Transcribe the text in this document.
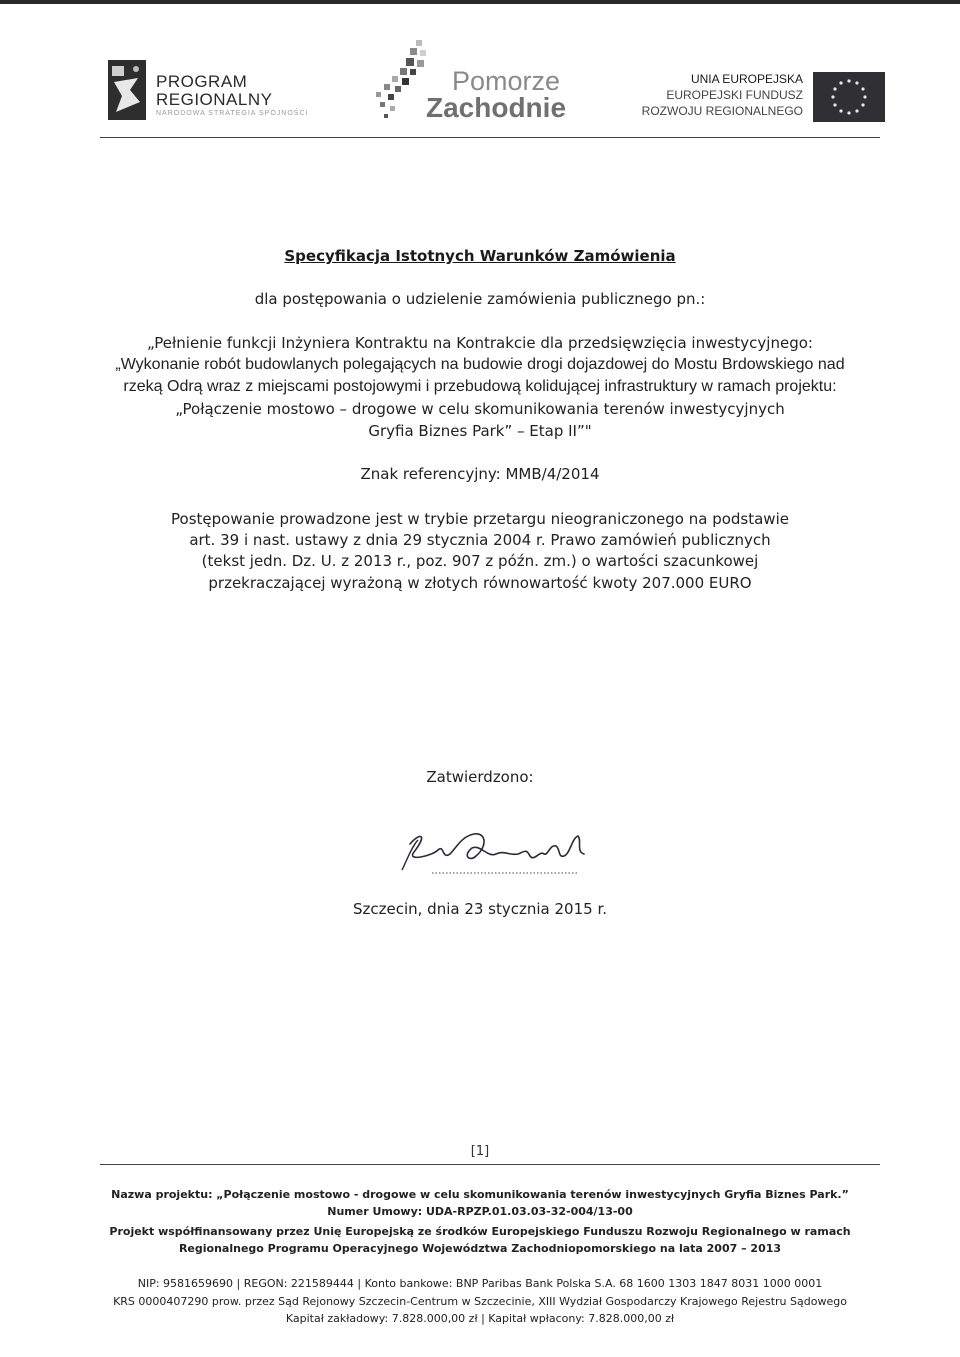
PROGRAM
REGIONALNY
NARODOWA STRATEGIA SPÓJNOŚCI
Pomorze
Zachodnie
UNIA EUROPEJSKA
EUROPEJSKI FUNDUSZ
ROZWOJU REGIONALNEGO
Specyfikacja Istotnych Warunków Zamówienia
dla postępowania o udzielenie zamówienia publicznego pn.:
„Pełnienie funkcji Inżyniera Kontraktu na Kontrakcie dla przedsięwzięcia inwestycyjnego:
„Wykonanie robót budowlanych polegających na budowie drogi dojazdowej do Mostu Brdowskiego nad
rzeką Odrą wraz z miejscami postojowymi i przebudową kolidującej infrastruktury w ramach projektu:
„Połączenie mostowo – drogowe w celu skomunikowania terenów inwestycyjnych
Gryfia Biznes Park” – Etap II”"
Znak referencyjny: MMB/4/2014
Postępowanie prowadzone jest w trybie przetargu nieograniczonego na podstawie
art. 39 i nast. ustawy z dnia 29 stycznia 2004 r. Prawo zamówień publicznych
(tekst jedn. Dz. U. z 2013 r., poz. 907 z późn. zm.) o wartości szacunkowej
przekraczającej wyrażoną w złotych równowartość kwoty 207.000 EURO
Zatwierdzono:
Szczecin, dnia 23 stycznia 2015 r.
[1]
Nazwa projektu: „Połączenie mostowo - drogowe w celu skomunikowania terenów inwestycyjnych Gryfia Biznes Park.”
Numer Umowy: UDA-RPZP.01.03.03-32-004/13-00
Projekt współfinansowany przez Unię Europejską ze środków Europejskiego Funduszu Rozwoju Regionalnego w ramach
Regionalnego Programu Operacyjnego Województwa Zachodniopomorskiego na lata 2007 – 2013
NIP: 9581659690 | REGON: 221589444 | Konto bankowe: BNP Paribas Bank Polska S.A. 68 1600 1303 1847 8031 1000 0001
KRS 0000407290 prow. przez Sąd Rejonowy Szczecin-Centrum w Szczecinie, XIII Wydział Gospodarczy Krajowego Rejestru Sądowego
Kapitał zakładowy: 7.828.000,00 zł | Kapitał wpłacony: 7.828.000,00 zł
